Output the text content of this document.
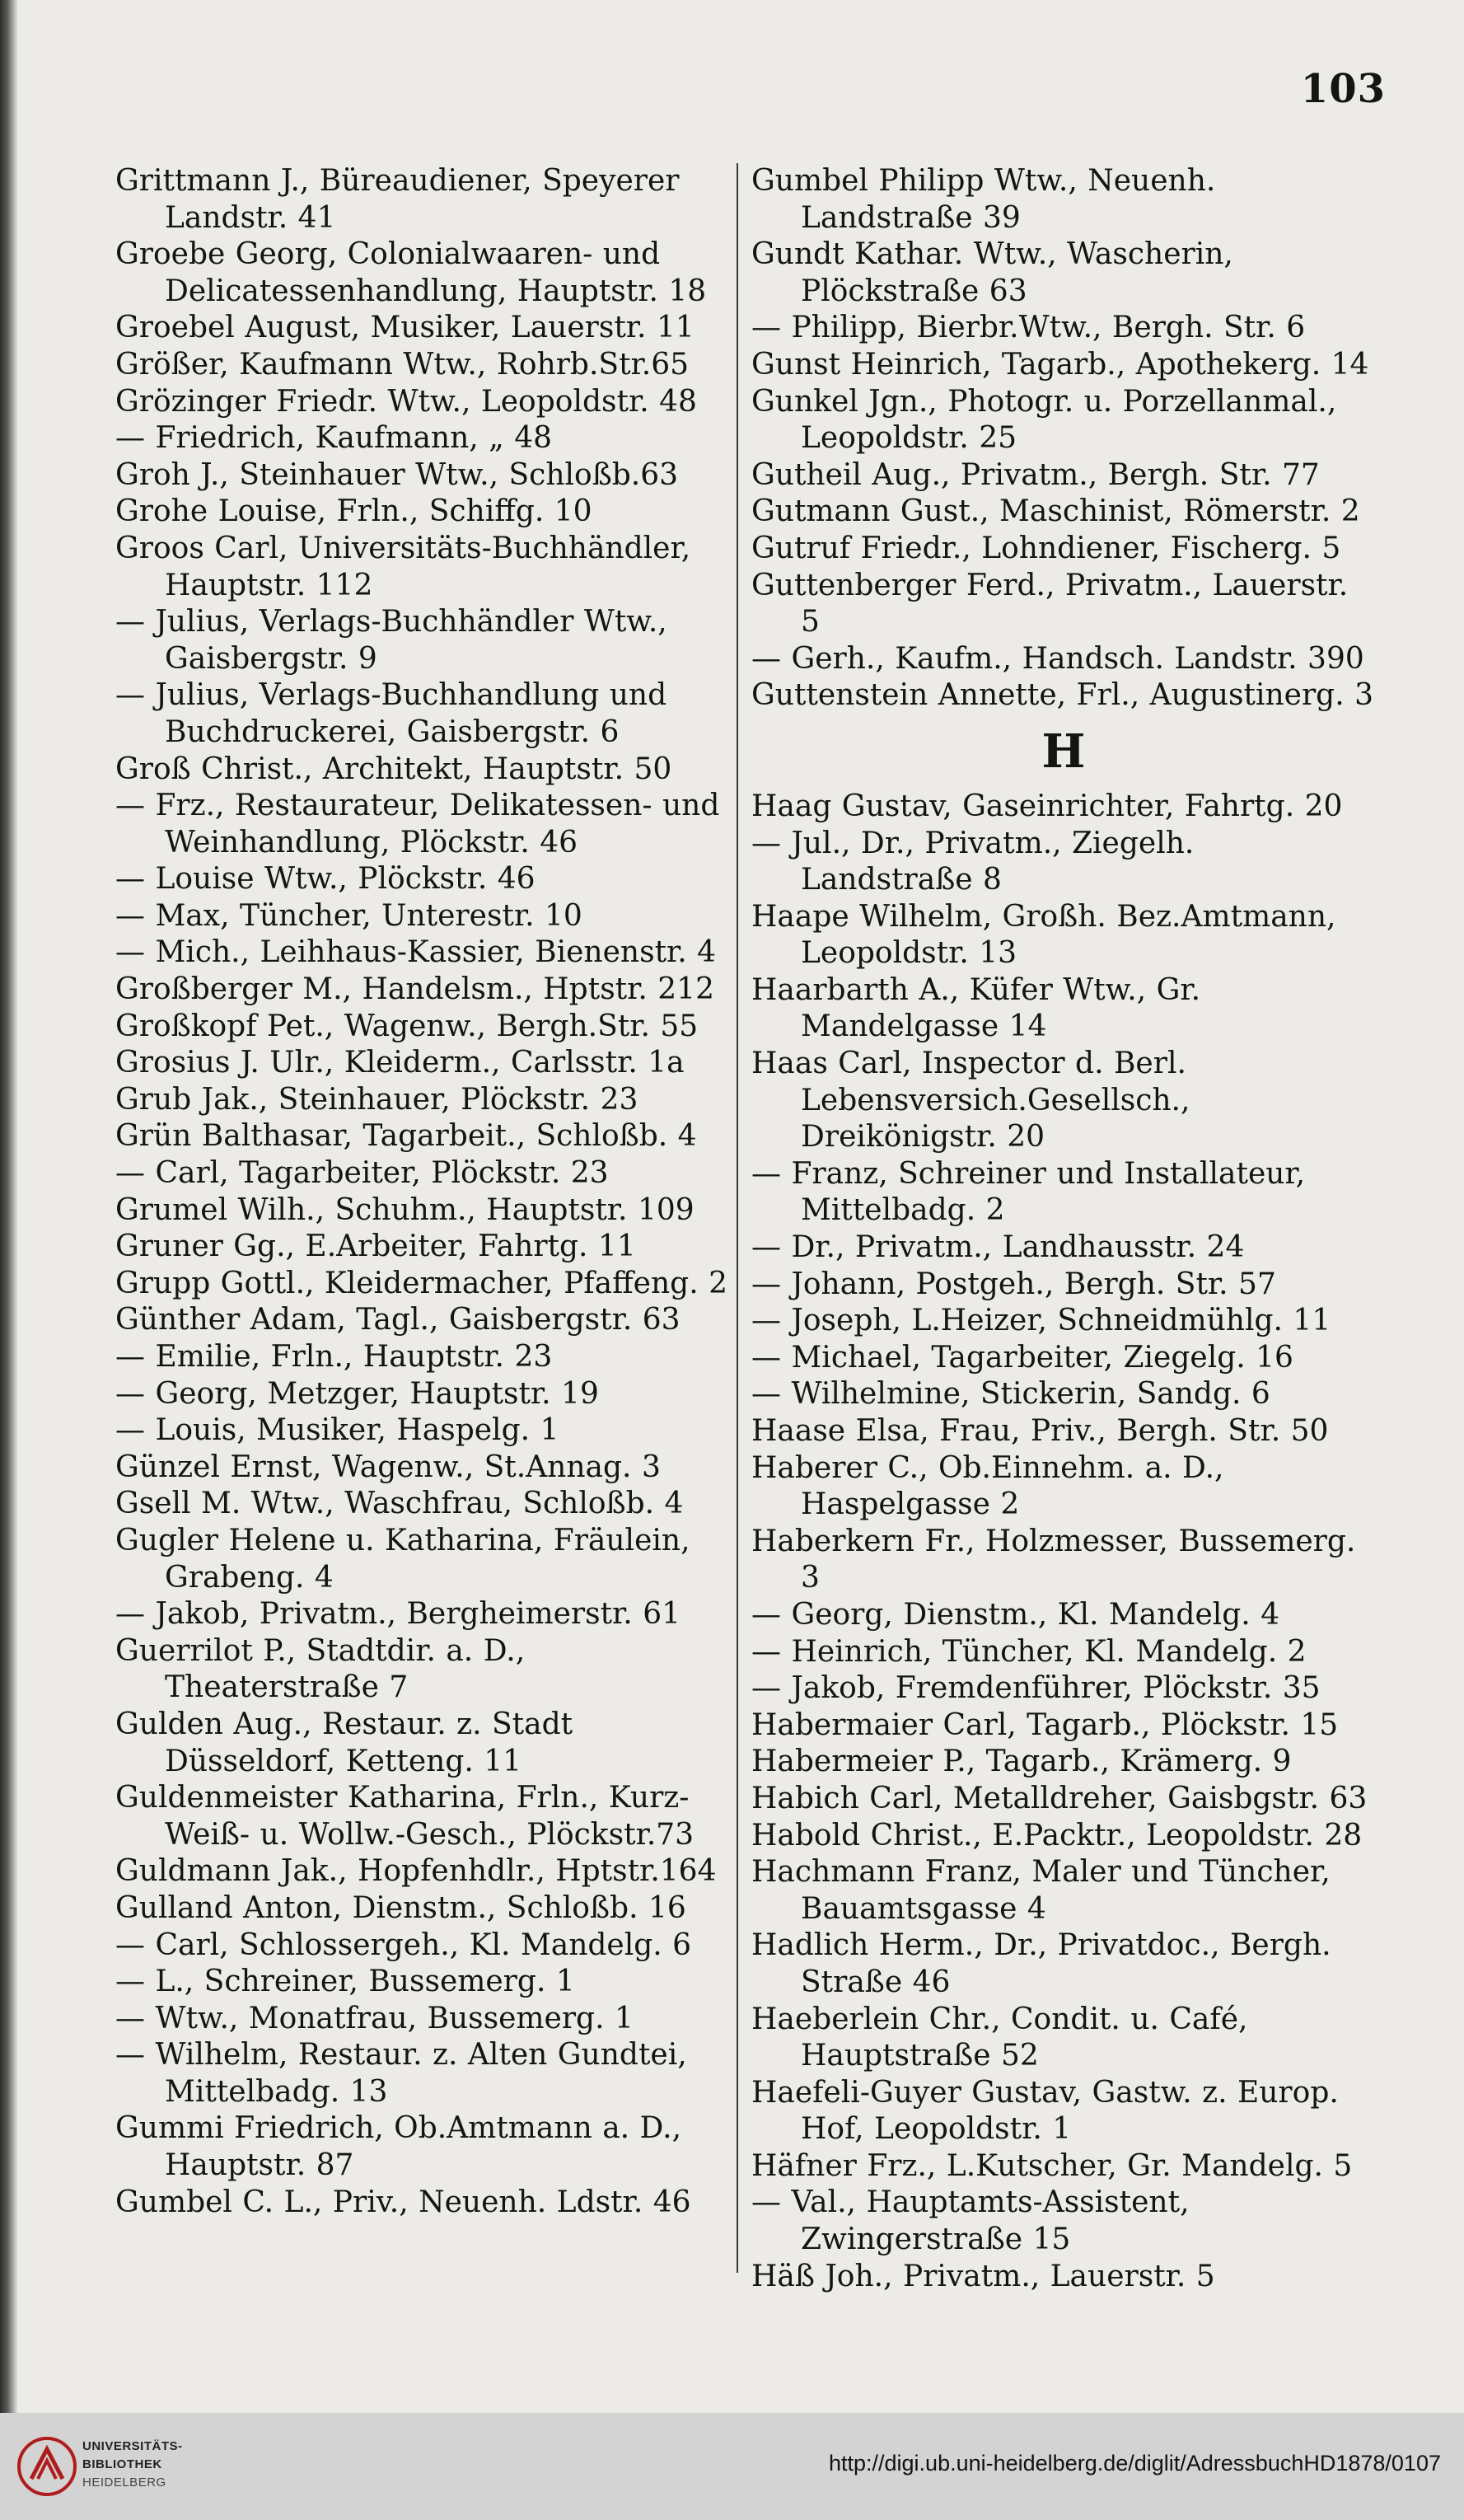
103

Grittmann J., Büreaudiener, Speyerer Landstr. 41

Groebe Georg, Colonialwaaren- und Delicatessenhandlung, Hauptstr. 18

Groebel August, Musiker, Lauerstr. 11

Größer, Kaufmann Wtw., Rohrb.Str.65

Grözinger Friedr. Wtw., Leopoldstr. 48

— Friedrich, Kaufmann, „ 48

Groh J., Steinhauer Wtw., Schloßb.63

Grohe Louise, Frln., Schiffg. 10

Groos Carl, Universitäts-Buchhändler, Hauptstr. 112

— Julius, Verlags-Buchhändler Wtw., Gaisbergstr. 9

— Julius, Verlags-Buchhandlung und Buchdruckerei, Gaisbergstr. 6

Groß Christ., Architekt, Hauptstr. 50

— Frz., Restaurateur, Delikatessen- und Weinhandlung, Plöckstr. 46

— Louise Wtw., Plöckstr. 46

— Max, Tüncher, Unterestr. 10

— Mich., Leihhaus-Kassier, Bienenstr. 4

Großberger M., Handelsm., Hptstr. 212

Großkopf Pet., Wagenw., Bergh.Str. 55

Grosius J. Ulr., Kleiderm., Carlsstr. 1a

Grub Jak., Steinhauer, Plöckstr. 23

Grün Balthasar, Tagarbeit., Schloßb. 4

— Carl, Tagarbeiter, Plöckstr. 23

Grumel Wilh., Schuhm., Hauptstr. 109

Gruner Gg., E.Arbeiter, Fahrtg. 11

Grupp Gottl., Kleidermacher, Pfaffeng. 2

Günther Adam, Tagl., Gaisbergstr. 63

— Emilie, Frln., Hauptstr. 23

— Georg, Metzger, Hauptstr. 19

— Louis, Musiker, Haspelg. 1

Günzel Ernst, Wagenw., St.Annag. 3

Gsell M. Wtw., Waschfrau, Schloßb. 4

Gugler Helene u. Katharina, Fräulein, Grabeng. 4

— Jakob, Privatm., Bergheimerstr. 61

Guerrilot P., Stadtdir. a. D., Theaterstraße 7

Gulden Aug., Restaur. z. Stadt Düsseldorf, Ketteng. 11

Guldenmeister Katharina, Frln., Kurz- Weiß- u. Wollw.-Gesch., Plöckstr.73

Guldmann Jak., Hopfenhdlr., Hptstr.164

Gulland Anton, Dienstm., Schloßb. 16

— Carl, Schlossergeh., Kl. Mandelg. 6

— L., Schreiner, Bussemerg. 1

— Wtw., Monatfrau, Bussemerg. 1

— Wilhelm, Restaur. z. Alten Gundtei, Mittelbadg. 13

Gummi Friedrich, Ob.Amtmann a. D., Hauptstr. 87

Gumbel C. L., Priv., Neuenh. Ldstr. 46

Gumbel Philipp Wtw., Neuenh. Landstraße 39

Gundt Kathar. Wtw., Wascherin, Plöckstraße 63

— Philipp, Bierbr.Wtw., Bergh. Str. 6

Gunst Heinrich, Tagarb., Apothekerg. 14

Gunkel Jgn., Photogr. u. Porzellanmal., Leopoldstr. 25

Gutheil Aug., Privatm., Bergh. Str. 77

Gutmann Gust., Maschinist, Römerstr. 2

Gutruf Friedr., Lohndiener, Fischerg. 5

Guttenberger Ferd., Privatm., Lauerstr. 5

— Gerh., Kaufm., Handsch. Landstr. 390

Guttenstein Annette, Frl., Augustinerg. 3

H

Haag Gustav, Gaseinrichter, Fahrtg. 20

— Jul., Dr., Privatm., Ziegelh. Landstraße 8

Haape Wilhelm, Großh. Bez.Amtmann, Leopoldstr. 13

Haarbarth A., Küfer Wtw., Gr. Mandelgasse 14

Haas Carl, Inspector d. Berl. Lebensversich.Gesellsch., Dreikönigstr. 20

— Franz, Schreiner und Installateur, Mittelbadg. 2

— Dr., Privatm., Landhausstr. 24

— Johann, Postgeh., Bergh. Str. 57

— Joseph, L.Heizer, Schneidmühlg. 11

— Michael, Tagarbeiter, Ziegelg. 16

— Wilhelmine, Stickerin, Sandg. 6

Haase Elsa, Frau, Priv., Bergh. Str. 50

Haberer C., Ob.Einnehm. a. D., Haspelgasse 2

Haberkern Fr., Holzmesser, Bussemerg. 3

— Georg, Dienstm., Kl. Mandelg. 4

— Heinrich, Tüncher, Kl. Mandelg. 2

— Jakob, Fremdenführer, Plöckstr. 35

Habermaier Carl, Tagarb., Plöckstr. 15

Habermeier P., Tagarb., Krämerg. 9

Habich Carl, Metalldreher, Gaisbgstr. 63

Habold Christ., E.Packtr., Leopoldstr. 28

Hachmann Franz, Maler und Tüncher, Bauamtsgasse 4

Hadlich Herm., Dr., Privatdoc., Bergh. Straße 46

Haeberlein Chr., Condit. u. Café, Hauptstraße 52

Haefeli-Guyer Gustav, Gastw. z. Europ. Hof, Leopoldstr. 1

Häfner Frz., L.Kutscher, Gr. Mandelg. 5

— Val., Hauptamts-Assistent, Zwingerstraße 15

Häß Joh., Privatm., Lauerstr. 5

UNIVERSITÄTS-
BIBLIOTHEK
HEIDELBERG
http://digi.ub.uni-heidelberg.de/diglit/AdressbuchHD1878/0107
